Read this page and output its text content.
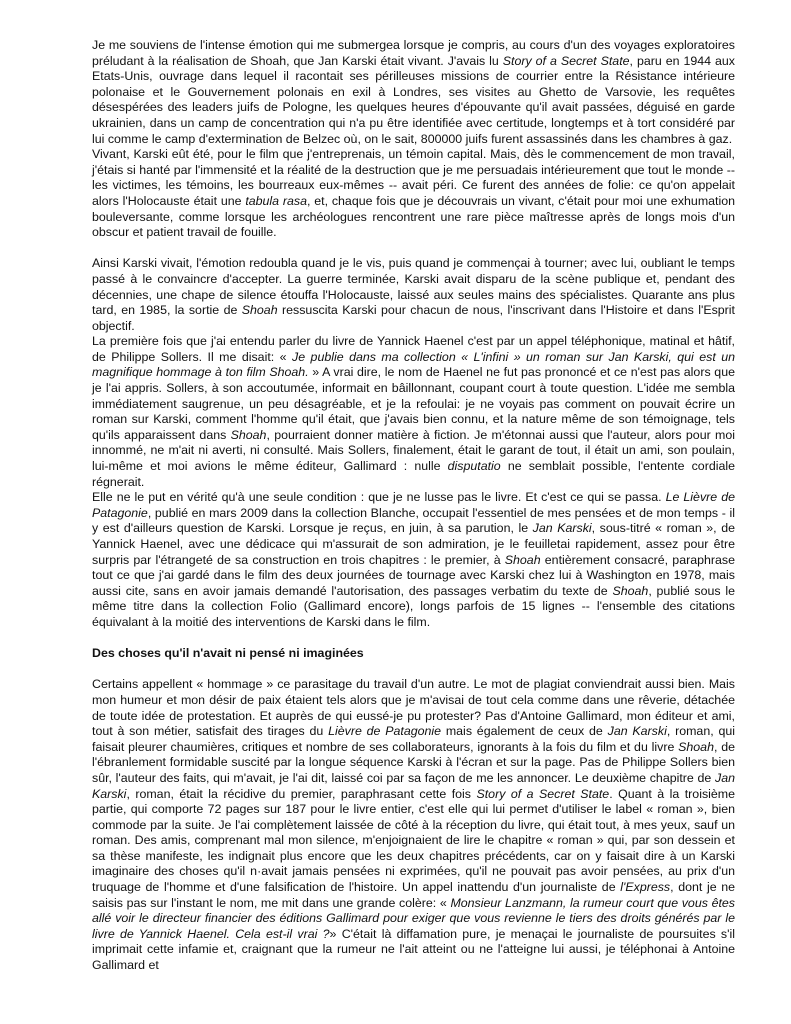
Je me souviens de l'intense émotion qui me submergea lorsque je compris, au cours d'un des voyages exploratoires préludant à la réalisation de Shoah, que Jan Karski était vivant. J'avais lu Story of a Secret State, paru en 1944 aux Etats-Unis, ouvrage dans lequel il racontait ses périlleuses missions de courrier entre la Résistance intérieure polonaise et le Gouvernement polonais en exil à Londres, ses visites au Ghetto de Varsovie, les requêtes désespérées des leaders juifs de Pologne, les quelques heures d'épouvante qu'il avait passées, déguisé en garde ukrainien, dans un camp de concentration qui n'a pu être identifiée avec certitude, longtemps et à tort considéré par lui comme le camp d'extermination de Belzec où, on le sait, 800000 juifs furent assassinés dans les chambres à gaz.

Vivant, Karski eût été, pour le film que j'entreprenais, un témoin capital. Mais, dès le commencement de mon travail, j'étais si hanté par l'immensité et la réalité de la destruction que je me persuadais intérieurement que tout le monde -- les victimes, les témoins, les bourreaux eux-mêmes -- avait péri. Ce furent des années de folie: ce qu'on appelait alors l'Holocauste était une tabula rasa, et, chaque fois que je découvrais un vivant, c'était pour moi une exhumation bouleversante, comme lorsque les archéologues rencontrent une rare pièce maîtresse après de longs mois d'un obscur et patient travail de fouille.

Ainsi Karski vivait, l'émotion redoubla quand je le vis, puis quand je commençai à tourner; avec lui, oubliant le temps passé à le convaincre d'accepter. La guerre terminée, Karski avait disparu de la scène publique et, pendant des décennies, une chape de silence étouffa l'Holocauste, laissé aux seules mains des spécialistes. Quarante ans plus tard, en 1985, la sortie de Shoah ressuscita Karski pour chacun de nous, l'inscrivant dans l'Histoire et dans l'Esprit objectif.

La première fois que j'ai entendu parler du livre de Yannick Haenel c'est par un appel téléphonique, matinal et hâtif, de Philippe Sollers. Il me disait: « Je publie dans ma collection « L'infini » un roman sur Jan Karski, qui est un magnifique hommage à ton film Shoah. » A vrai dire, le nom de Haenel ne fut pas prononcé et ce n'est pas alors que je l'ai appris. Sollers, à son accoutumée, informait en bâillonnant, coupant court à toute question. L'idée me sembla immédiatement saugrenue, un peu désagréable, et je la refoulai: je ne voyais pas comment on pouvait écrire un roman sur Karski, comment l'homme qu'il était, que j'avais bien connu, et la nature même de son témoignage, tels qu'ils apparaissent dans Shoah, pourraient donner matière à fiction. Je m'étonnai aussi que l'auteur, alors pour moi innommé, ne m'ait ni averti, ni consulté. Mais Sollers, finalement, était le garant de tout, il était un ami, son poulain, lui-même et moi avions le même éditeur, Gallimard : nulle disputatio ne semblait possible, l'entente cordiale régnerait.

Elle ne le put en vérité qu'à une seule condition : que je ne lusse pas le livre. Et c'est ce qui se passa. Le Lièvre de Patagonie, publié en mars 2009 dans la collection Blanche, occupait l'essentiel de mes pensées et de mon temps - il y est d'ailleurs question de Karski. Lorsque je reçus, en juin, à sa parution, le Jan Karski, sous-titré « roman », de Yannick Haenel, avec une dédicace qui m'assurait de son admiration, je le feuilletai rapidement, assez pour être surpris par l'étrangeté de sa construction en trois chapitres : le premier, à Shoah entièrement consacré, paraphrase tout ce que j'ai gardé dans le film des deux journées de tournage avec Karski chez lui à Washington en 1978, mais aussi cite, sans en avoir jamais demandé l'autorisation, des passages verbatim du texte de Shoah, publié sous le même titre dans la collection Folio (Gallimard encore), longs parfois de 15 lignes -- l'ensemble des citations équivalant à la moitié des interventions de Karski dans le film.

Des choses qu'il n'avait ni pensé ni imaginées

Certains appellent « hommage » ce parasitage du travail d'un autre. Le mot de plagiat conviendrait aussi bien. Mais mon humeur et mon désir de paix étaient tels alors que je m'avisai de tout cela comme dans une rêverie, détachée de toute idée de protestation. Et auprès de qui eussé-je pu protester? Pas d'Antoine Gallimard, mon éditeur et ami, tout à son métier, satisfait des tirages du Lièvre de Patagonie mais également de ceux de Jan Karski, roman, qui faisait pleurer chaumières, critiques et nombre de ses collaborateurs, ignorants à la fois du film et du livre Shoah, de l'ébranlement formidable suscité par la longue séquence Karski à l'écran et sur la page. Pas de Philippe Sollers bien sûr, l'auteur des faits, qui m'avait, je l'ai dit, laissé coi par sa façon de me les annoncer. Le deuxième chapitre de Jan Karski, roman, était la récidive du premier, paraphrasant cette fois Story of a Secret State. Quant à la troisième partie, qui comporte 72 pages sur 187 pour le livre entier, c'est elle qui lui permet d'utiliser le label « roman », bien commode par la suite. Je l'ai complètement laissée de côté à la réception du livre, qui était tout, à mes yeux, sauf un roman. Des amis, comprenant mal mon silence, m'enjoignaient de lire le chapitre « roman » qui, par son dessein et sa thèse manifeste, les indignait plus encore que les deux chapitres précédents, car on y faisait dire à un Karski imaginaire des choses qu'il n·avait jamais pensées ni exprimées, qu'il ne pouvait pas avoir pensées, au prix d'un truquage de l'homme et d'une falsification de l'histoire. Un appel inattendu d'un journaliste de l'Express, dont je ne saisis pas sur l'instant le nom, me mit dans une grande colère: « Monsieur Lanzmann, la rumeur court que vous êtes allé voir le directeur financier des éditions Gallimard pour exiger que vous revienne le tiers des droits générés par le livre de Yannick Haenel. Cela est-il vrai ?» C'était là diffamation pure, je menaçai le journaliste de poursuites s'il imprimait cette infamie et, craignant que la rumeur ne l'ait atteint ou ne l'atteigne lui aussi, je téléphonai à Antoine Gallimard et
